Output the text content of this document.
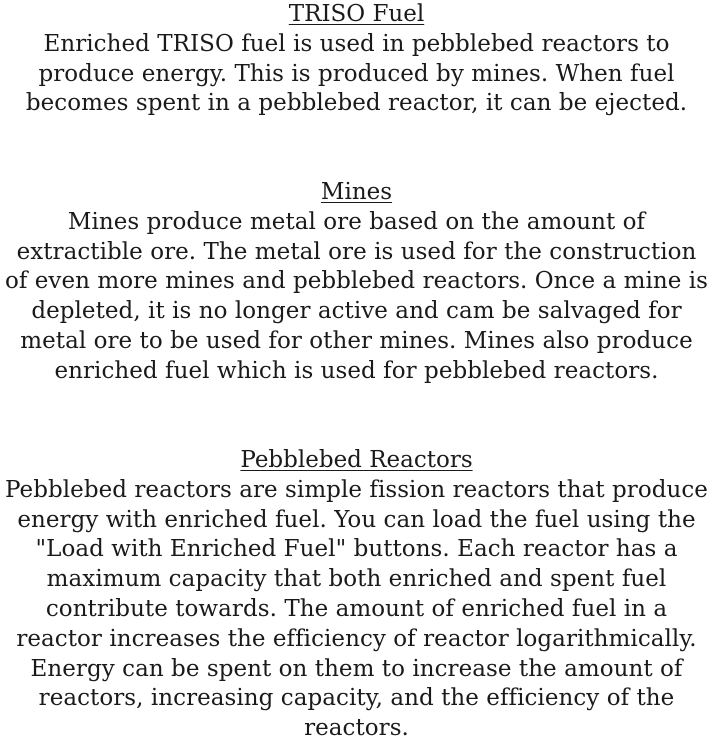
TRISO Fuel

Enriched TRISO fuel is used in pebblebed reactors to produce energy. This is produced by mines. When fuel becomes spent in a pebblebed reactor, it can be ejected.

Mines

Mines produce metal ore based on the amount of extractible ore. The metal ore is used for the construction of even more mines and pebblebed reactors. Once a mine is depleted, it is no longer active and cam be salvaged for metal ore to be used for other mines. Mines also produce enriched fuel which is used for pebblebed reactors.

Pebblebed Reactors

Pebblebed reactors are simple fission reactors that produce energy with enriched fuel. You can load the fuel using the "Load with Enriched Fuel" buttons. Each reactor has a maximum capacity that both enriched and spent fuel contribute towards. The amount of enriched fuel in a reactor increases the efficiency of reactor logarithmically. Energy can be spent on them to increase the amount of reactors, increasing capacity, and the efficiency of the reactors.
